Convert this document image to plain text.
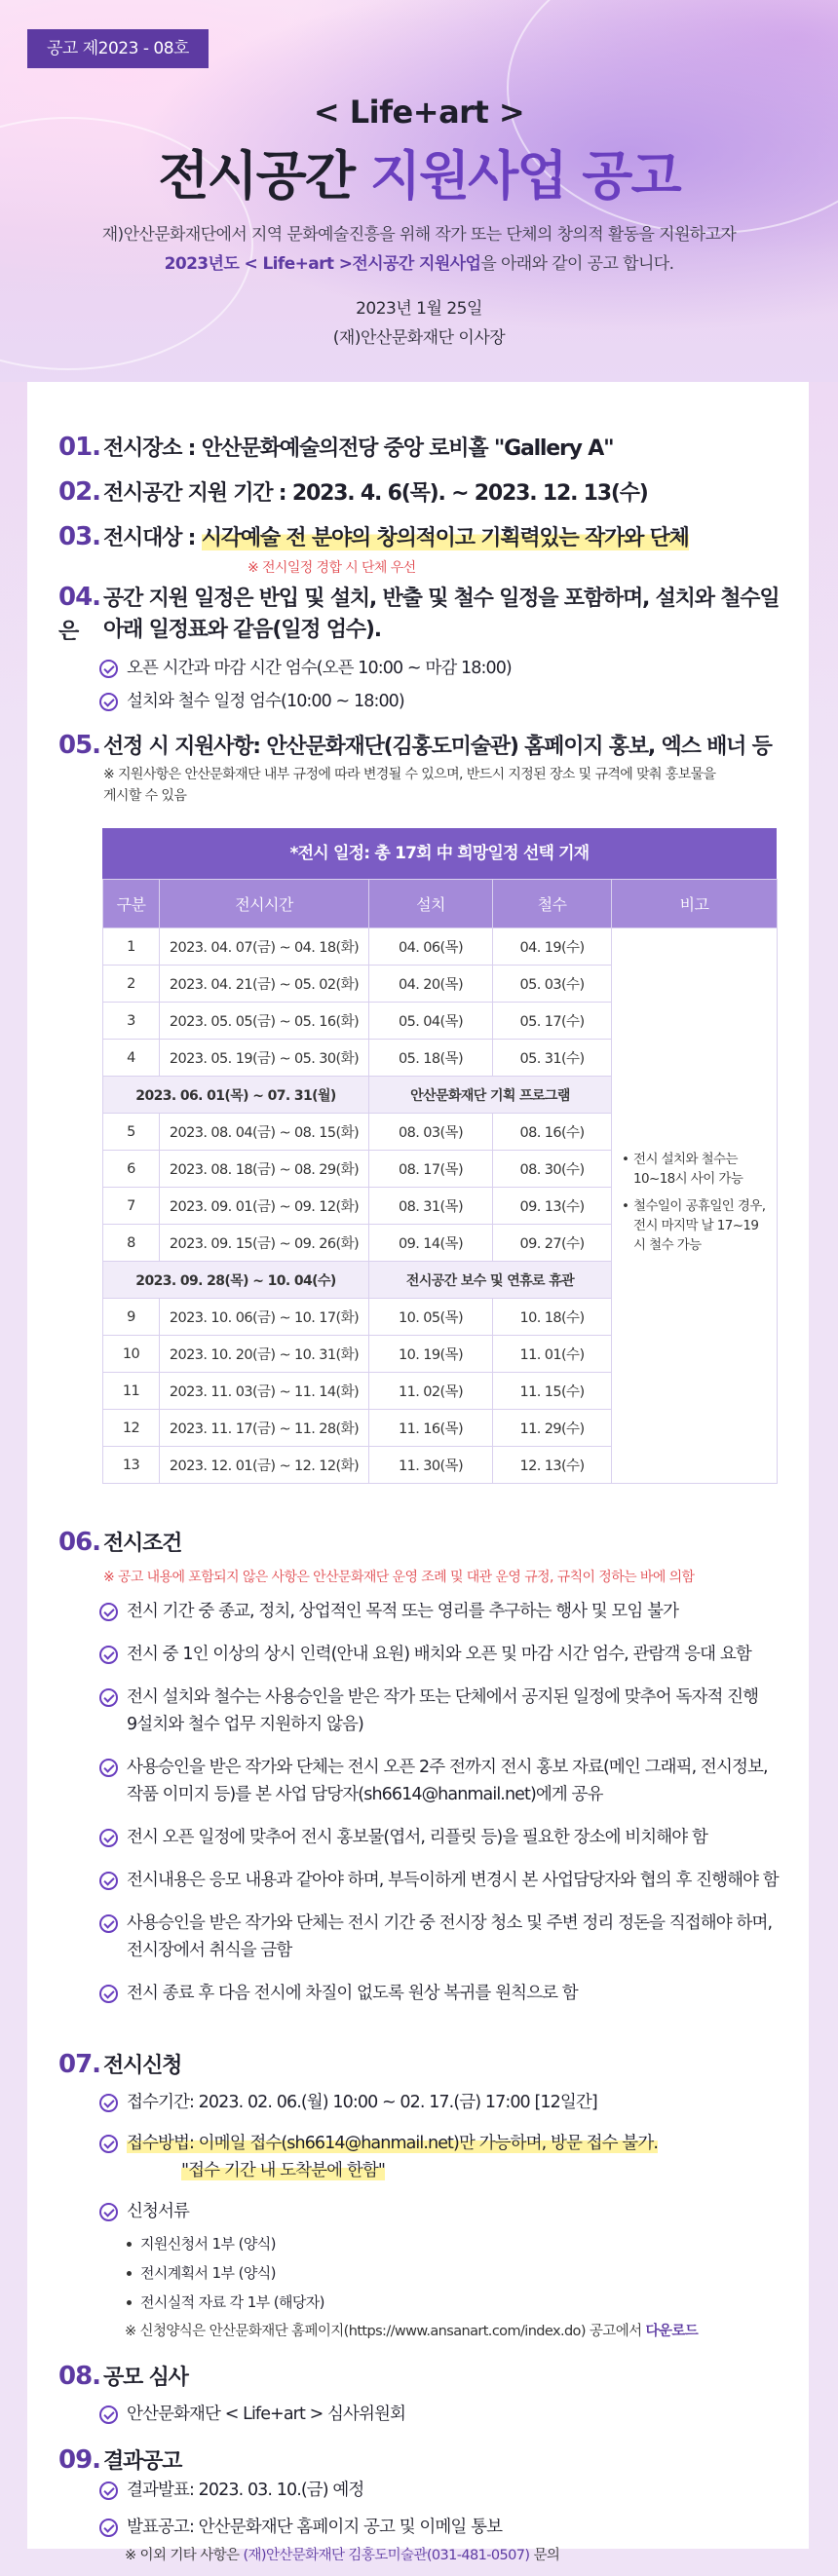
공고 제2023 - 08호
< Life+art >
전시공간 지원사업 공고
재)안산문화재단에서 지역 문화예술진흥을 위해 작가 또는 단체의 창의적 활동을 지원하고자
2023년도 < Life+art >전시공간 지원사업을 아래와 같이 공고 합니다.
2023년 1월 25일
(재)안산문화재단 이사장
01. 전시장소 : 안산문화예술의전당 중앙 로비홀 "Gallery A"
02. 전시공간 지원 기간 : 2023. 4. 6(목). ~ 2023. 12. 13(수)
03. 전시대상 : 시각예술 전 분야의 창의적이고 기획력있는 작가와 단체
※ 전시일정 경합 시 단체 우선
04. 공간 지원 일정은 반입 및 설치, 반출 및 철수 일정을 포함하며, 설치와 철수일은	아래 일정표와 같음(일정 엄수).
오픈 시간과 마감 시간 엄수(오픈 10:00 ~ 마감 18:00)
설치와 철수 일정 엄수(10:00 ~ 18:00)
05. 선정 시 지원사항: 안산문화재단(김홍도미술관) 홈페이지 홍보, 엑스 배너 등
※ 지원사항은 안산문화재단 내부 규정에 따라 변경될 수 있으며, 반드시 지정된 장소 및 규격에 맞춰 홍보물을
게시할 수 있음
*전시 일정: 총 17회 中 희망일정 선택 기재
구분	전시시간	설치	철수	비고
1	2023. 04. 07(금) ~ 04. 18(화)	04. 06(목)	04. 19(수)	• 전시 설치와 철수는 10~18시 사이 가능
• 철수일이 공휴일인 경우, 전시 마지막 날 17~19시 철수 가능

2	2023. 04. 21(금) ~ 05. 02(화)	04. 20(목)	05. 03(수)	
3	2023. 05. 05(금) ~ 05. 16(화)	05. 04(목)	05. 17(수)	
4	2023. 05. 19(금) ~ 05. 30(화)	05. 18(목)	05. 31(수)	
2023. 06. 01(목) ~ 07. 31(월)		안산문화재단 기획 프로그램		
5	2023. 08. 04(금) ~ 08. 15(화)	08. 03(목)	08. 16(수)	
6	2023. 08. 18(금) ~ 08. 29(화)	08. 17(목)	08. 30(수)	
7	2023. 09. 01(금) ~ 09. 12(화)	08. 31(목)	09. 13(수)	
8	2023. 09. 15(금) ~ 09. 26(화)	09. 14(목)	09. 27(수)	
2023. 09. 28(목) ~ 10. 04(수)		전시공간 보수 및 연휴로 휴관		
9	2023. 10. 06(금) ~ 10. 17(화)	10. 05(목)	10. 18(수)	
10	2023. 10. 20(금) ~ 10. 31(화)	10. 19(목)	11. 01(수)	
11	2023. 11. 03(금) ~ 11. 14(화)	11. 02(목)	11. 15(수)	
12	2023. 11. 17(금) ~ 11. 28(화)	11. 16(목)	11. 29(수)	
13	2023. 12. 01(금) ~ 12. 12(화)	11. 30(목)	12. 13(수)	
06. 전시조건
※ 공고 내용에 포함되지 않은 사항은 안산문화재단 운영 조례 및 대관 운영 규정, 규칙이 정하는 바에 의함
전시 기간 중 종교, 정치, 상업적인 목적 또는 영리를 추구하는 행사 및 모임 불가
전시 중 1인 이상의 상시 인력(안내 요원) 배치와 오픈 및 마감 시간 엄수, 관람객 응대 요함
전시 설치와 철수는 사용승인을 받은 작가 또는 단체에서 공지된 일정에 맞추어 독자적 진행
9설치와 철수 업무 지원하지 않음)
사용승인을 받은 작가와 단체는 전시 오픈 2주 전까지 전시 홍보 자료(메인 그래픽, 전시정보,
작품 이미지 등)를 본 사업 담당자(sh6614@hanmail.net)에게 공유
전시 오픈 일정에 맞추어 전시 홍보물(엽서, 리플릿 등)을 필요한 장소에 비치해야 함
전시내용은 응모 내용과 같아야 하며, 부득이하게 변경시 본 사업담당자와 협의 후 진행해야 함
사용승인을 받은 작가와 단체는 전시 기간 중 전시장 청소 및 주변 정리 정돈을 직접해야 하며,
전시장에서 취식을 금함
전시 종료 후 다음 전시에 차질이 없도록 원상 복귀를 원칙으로 함
07. 전시신청
접수기간: 2023. 02. 06.(월) 10:00 ~ 02. 17.(금) 17:00 [12일간]
접수방법: 이메일 접수(sh6614@hanmail.net)만 가능하며, 방문 접수 불가.
"접수 기간 내 도착분에 한함"
신청서류
지원신청서 1부 (양식)
전시계획서 1부 (양식)
전시실적 자료 각 1부 (해당자)
※ 신청양식은 안산문화재단 홈페이지(https://www.ansanart.com/index.do) 공고에서 다운로드
08. 공모 심사
안산문화재단 < Life+art > 심사위원회
09. 결과공고
결과발표: 2023. 03. 10.(금) 예정
발표공고: 안산문화재단 홈페이지 공고 및 이메일 통보
※ 이외 기타 사항은 (재)안산문화재단 김홍도미술관(031-481-0507) 문의
